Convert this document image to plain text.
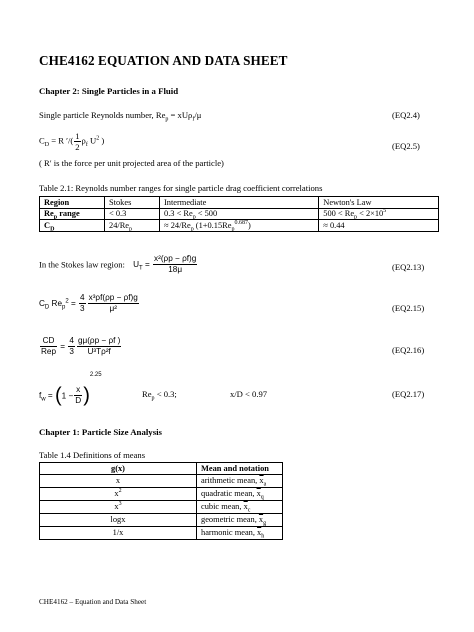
CHE4162 EQUATION AND DATA SHEET
Chapter 2: Single Particles in a Fluid
Single particle Reynolds number, $Re_p = xU\rho_f/\mu$	(EQ2.4)
$C_D = R$ ′/( $\frac{1}{2} \rho_f$ $U^2$ )
(EQ2.5)
( R′ is the force per unit projected area of the particle)
Table 2.1: Reynolds number ranges for single particle drag coefficient correlations
Region	Stokes	Intermediate	Newton's Law
$Re_p$ range	< 0.3	$0.3 < Re_p < 500$	$500 < Re_p < 2\times 10^5$
$C_D$	$24/Re_p$	≈ $24/Re_p$ $(1+0.15Re_p^{0.687})$	≈ 0.44
In the Stokes law region: $U_T = \frac{\text{x²(ρp − ρf)g}}{18\mu}$	(EQ2.13)
$C_D$ $Re_p^2 = \frac{4}{3} \frac{\text{x³ρf(ρp − ρf)g}}{\text{μ²}}$	(EQ2.15)
$\frac{CD}{\text{Rep}} = \frac{4}{3} \frac{g\mu(\rho p - \rho f )}{\text{U³Tρ²f}}$	(EQ2.16)
$f_w = (1 - \frac{x}{D} )^{2.25}$
$Re_p < 0.3$;	x/D < 0.97	(EQ2.17)
Chapter 1: Particle Size Analysis
Table 1.4 Definitions of means
g(x)	Mean and notation
x	arithmetic mean, $\overline{x}_a$
$x^2$	quadratic mean, $\overline{x}_q$
$x^3$	cubic mean, $\overline{x}_c$
logx	geometric mean, $\overline{x}_g$
1/x	harmonic mean, $\overline{x}_h$
CHE4162 – Equation and Data Sheet
